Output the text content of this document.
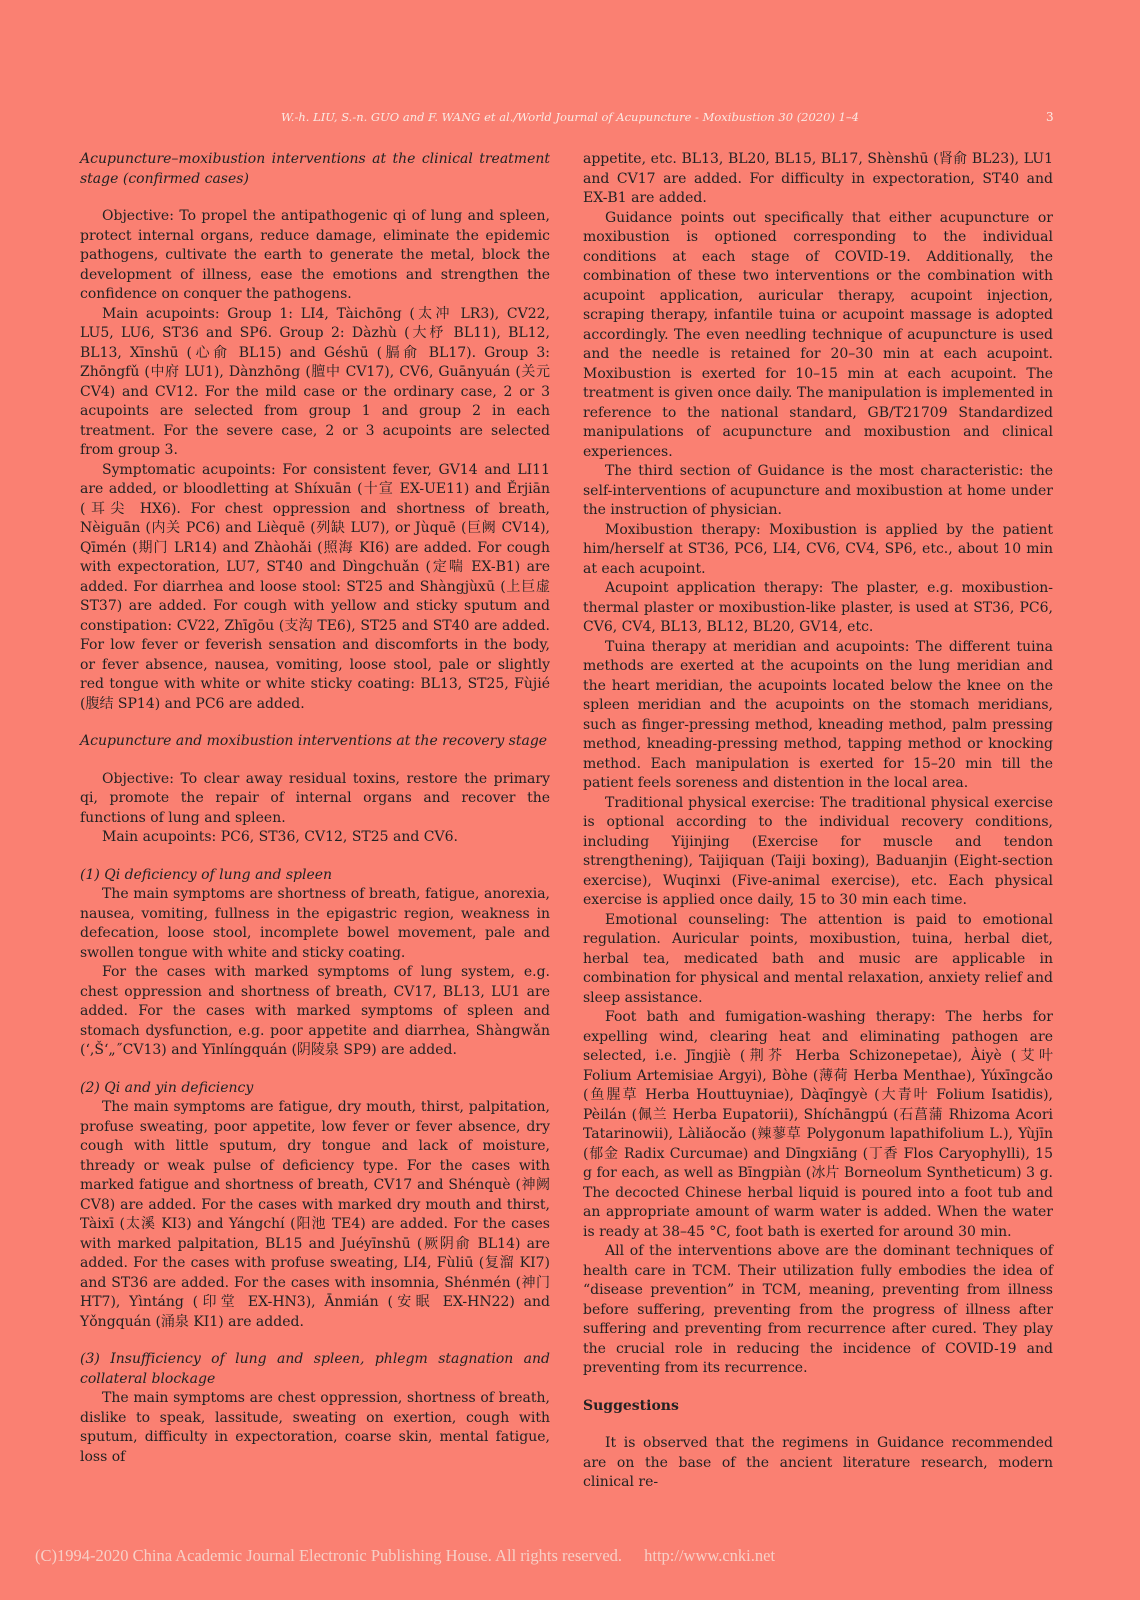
W.-h. LIU, S.-n. GUO and F. WANG et al./World Journal of Acupuncture - Moxibustion 30 (2020) 1–4	3
Acupuncture–moxibustion interventions at the clinical treatment stage (confirmed cases)

Objective: To propel the antipathogenic qi of lung and spleen, protect internal organs, reduce damage, eliminate the epidemic pathogens, cultivate the earth to generate the metal, block the development of illness, ease the emotions and strengthen the confidence on conquer the pathogens.

Main acupoints: Group 1: LI4, Tàichōng (太冲 LR3), CV22, LU5, LU6, ST36 and SP6. Group 2: Dàzhù (大杼 BL11), BL12, BL13, Xīnshū (心俞 BL15) and Géshū (膈俞 BL17). Group 3: Zhōngfǔ (中府 LU1), Dànzhōng (膻中 CV17), CV6, Guānyuán (关元 CV4) and CV12. For the mild case or the ordinary case, 2 or 3 acupoints are selected from group 1 and group 2 in each treatment. For the severe case, 2 or 3 acupoints are selected from group 3.

Symptomatic acupoints: For consistent fever, GV14 and LI11 are added, or bloodletting at Shíxuān (十宣 EX-UE11) and Ěrjiān (耳尖 HX6). For chest oppression and shortness of breath, Nèiguān (内关 PC6) and Lièquē (列缺 LU7), or Jùquē (巨阙 CV14), Qīmén (期门 LR14) and Zhàohǎi (照海 KI6) are added. For cough with expectoration, LU7, ST40 and Dìngchuǎn (定喘 EX-B1) are added. For diarrhea and loose stool: ST25 and Shàngjùxū (上巨虚 ST37) are added. For cough with yellow and sticky sputum and constipation: CV22, Zhīgōu (支沟 TE6), ST25 and ST40 are added. For low fever or feverish sensation and discomforts in the body, or fever absence, nausea, vomiting, loose stool, pale or slightly red tongue with white or white sticky coating: BL13, ST25, Fùjié (腹结 SP14) and PC6 are added.

Acupuncture and moxibustion interventions at the recovery stage

Objective: To clear away residual toxins, restore the primary qi, promote the repair of internal organs and recover the functions of lung and spleen.

Main acupoints: PC6, ST36, CV12, ST25 and CV6.

(1) Qi deficiency of lung and spleen

The main symptoms are shortness of breath, fatigue, anorexia, nausea, vomiting, fullness in the epigastric region, weakness in defecation, loose stool, incomplete bowel movement, pale and swollen tongue with white and sticky coating.

For the cases with marked symptoms of lung system, e.g. chest oppression and shortness of breath, CV17, BL13, LU1 are added. For the cases with marked symptoms of spleen and stomach dysfunction, e.g. poor appetite and diarrhea, Shàngwǎn (‘,Š‘„˝CV13) and Yīnlíngquán (阴陵泉 SP9) are added.

(2) Qi and yin deficiency

The main symptoms are fatigue, dry mouth, thirst, palpitation, profuse sweating, poor appetite, low fever or fever absence, dry cough with little sputum, dry tongue and lack of moisture, thready or weak pulse of deficiency type. For the cases with marked fatigue and shortness of breath, CV17 and Shénquè (神阙 CV8) are added. For the cases with marked dry mouth and thirst, Tàixī (太溪 KI3) and Yángchí (阳池 TE4) are added. For the cases with marked palpitation, BL15 and Juéyīnshū (厥阴俞 BL14) are added. For the cases with profuse sweating, LI4, Fùliū (复溜 KI7) and ST36 are added. For the cases with insomnia, Shénmén (神门 HT7), Yìntáng (印堂 EX-HN3), Ānmián (安眠 EX-HN22) and Yǒngquán (涌泉 KI1) are added.

(3) Insufficiency of lung and spleen, phlegm stagnation and collateral blockage

The main symptoms are chest oppression, shortness of breath, dislike to speak, lassitude, sweating on exertion, cough with sputum, difficulty in expectoration, coarse skin, mental fatigue, loss of

appetite, etc. BL13, BL20, BL15, BL17, Shènshū (肾俞 BL23), LU1 and CV17 are added. For difficulty in expectoration, ST40 and EX-B1 are added.

Guidance points out specifically that either acupuncture or moxibustion is optioned corresponding to the individual conditions at each stage of COVID-19. Additionally, the combination of these two interventions or the combination with acupoint application, auricular therapy, acupoint injection, scraping therapy, infantile tuina or acupoint massage is adopted accordingly. The even needling technique of acupuncture is used and the needle is retained for 20–30 min at each acupoint. Moxibustion is exerted for 10–15 min at each acupoint. The treatment is given once daily. The manipulation is implemented in reference to the national standard, GB/T21709 Standardized manipulations of acupuncture and moxibustion and clinical experiences.

The third section of Guidance is the most characteristic: the self-interventions of acupuncture and moxibustion at home under the instruction of physician.

Moxibustion therapy: Moxibustion is applied by the patient him/herself at ST36, PC6, LI4, CV6, CV4, SP6, etc., about 10 min at each acupoint.

Acupoint application therapy: The plaster, e.g. moxibustion-thermal plaster or moxibustion-like plaster, is used at ST36, PC6, CV6, CV4, BL13, BL12, BL20, GV14, etc.

Tuina therapy at meridian and acupoints: The different tuina methods are exerted at the acupoints on the lung meridian and the heart meridian, the acupoints located below the knee on the spleen meridian and the acupoints on the stomach meridians, such as finger-pressing method, kneading method, palm pressing method, kneading-pressing method, tapping method or knocking method. Each manipulation is exerted for 15–20 min till the patient feels soreness and distention in the local area.

Traditional physical exercise: The traditional physical exercise is optional according to the individual recovery conditions, including Yijinjing (Exercise for muscle and tendon strengthening), Taijiquan (Taiji boxing), Baduanjin (Eight-section exercise), Wuqinxi (Five-animal exercise), etc. Each physical exercise is applied once daily, 15 to 30 min each time.

Emotional counseling: The attention is paid to emotional regulation. Auricular points, moxibustion, tuina, herbal diet, herbal tea, medicated bath and music are applicable in combination for physical and mental relaxation, anxiety relief and sleep assistance.

Foot bath and fumigation-washing therapy: The herbs for expelling wind, clearing heat and eliminating pathogen are selected, i.e. Jīngjiè (荆芥 Herba Schizonepetae), Àiyè (艾叶 Folium Artemisiae Argyi), Bòhe (薄荷 Herba Menthae), Yúxīngcǎo (鱼腥草 Herba Houttuyniae), Dàqīngyè (大青叶 Folium Isatidis), Pèilán (佩兰 Herba Eupatorii), Shíchāngpú (石菖蒲 Rhizoma Acori Tatarinowii), Làliǎocǎo (辣蓼草 Polygonum lapathifolium L.), Yùjīn (郁金 Radix Curcumae) and Dīngxiāng (丁香 Flos Caryophylli), 15 g for each, as well as Bīngpiàn (冰片 Borneolum Syntheticum) 3 g. The decocted Chinese herbal liquid is poured into a foot tub and an appropriate amount of warm water is added. When the water is ready at 38–45 °C, foot bath is exerted for around 30 min.

All of the interventions above are the dominant techniques of health care in TCM. Their utilization fully embodies the idea of “disease prevention” in TCM, meaning, preventing from illness before suffering, preventing from the progress of illness after suffering and preventing from recurrence after cured. They play the crucial role in reducing the incidence of COVID-19 and preventing from its recurrence.

Suggestions

It is observed that the regimens in Guidance recommended are on the base of the ancient literature research, modern clinical re-

(C)1994-2020 China Academic Journal Electronic Publishing House. All rights reserved. http://www.cnki.net
